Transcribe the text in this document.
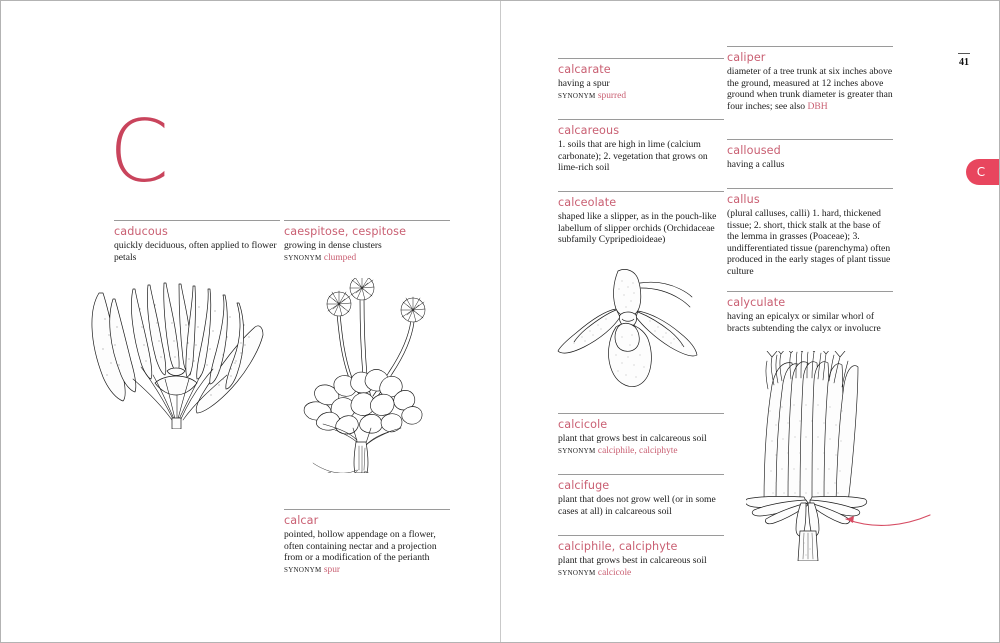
C
caducous
quickly deciduous, often applied to flower petals
caespitose, cespitose
growing in dense clusters
synonym clumped
calcar
pointed, hollow appendage on a flower, often containing nectar and a projection from or a modification of the perianth
synonym spur
41
C
calcarate
having a spur
synonym spurred
calcareous
1. soils that are high in lime (calcium carbonate); 2. vegetation that grows on lime-rich soil
calceolate
shaped like a slipper, as in the pouch-like labellum of slipper orchids (Orchidaceae subfamily Cypripedioideae)
calcicole
plant that grows best in calcareous soil
synonym calciphile, calciphyte
calcifuge
plant that does not grow well (or in some cases at all) in calcareous soil
calciphile, calciphyte
plant that grows best in calcareous soil
synonym calcicole
caliper
diameter of a tree trunk at six inches above the ground, measured at 12 inches above ground when trunk diameter is greater than four inches; see also DBH
calloused
having a callus
callus
(plural calluses, calli) 1. hard, thickened tissue; 2. short, thick stalk at the base of the lemma in grasses (Poaceae); 3. undifferentiated tissue (parenchyma) often produced in the early stages of plant tissue culture
calyculate
having an epicalyx or similar whorl of bracts subtending the calyx or involucre
